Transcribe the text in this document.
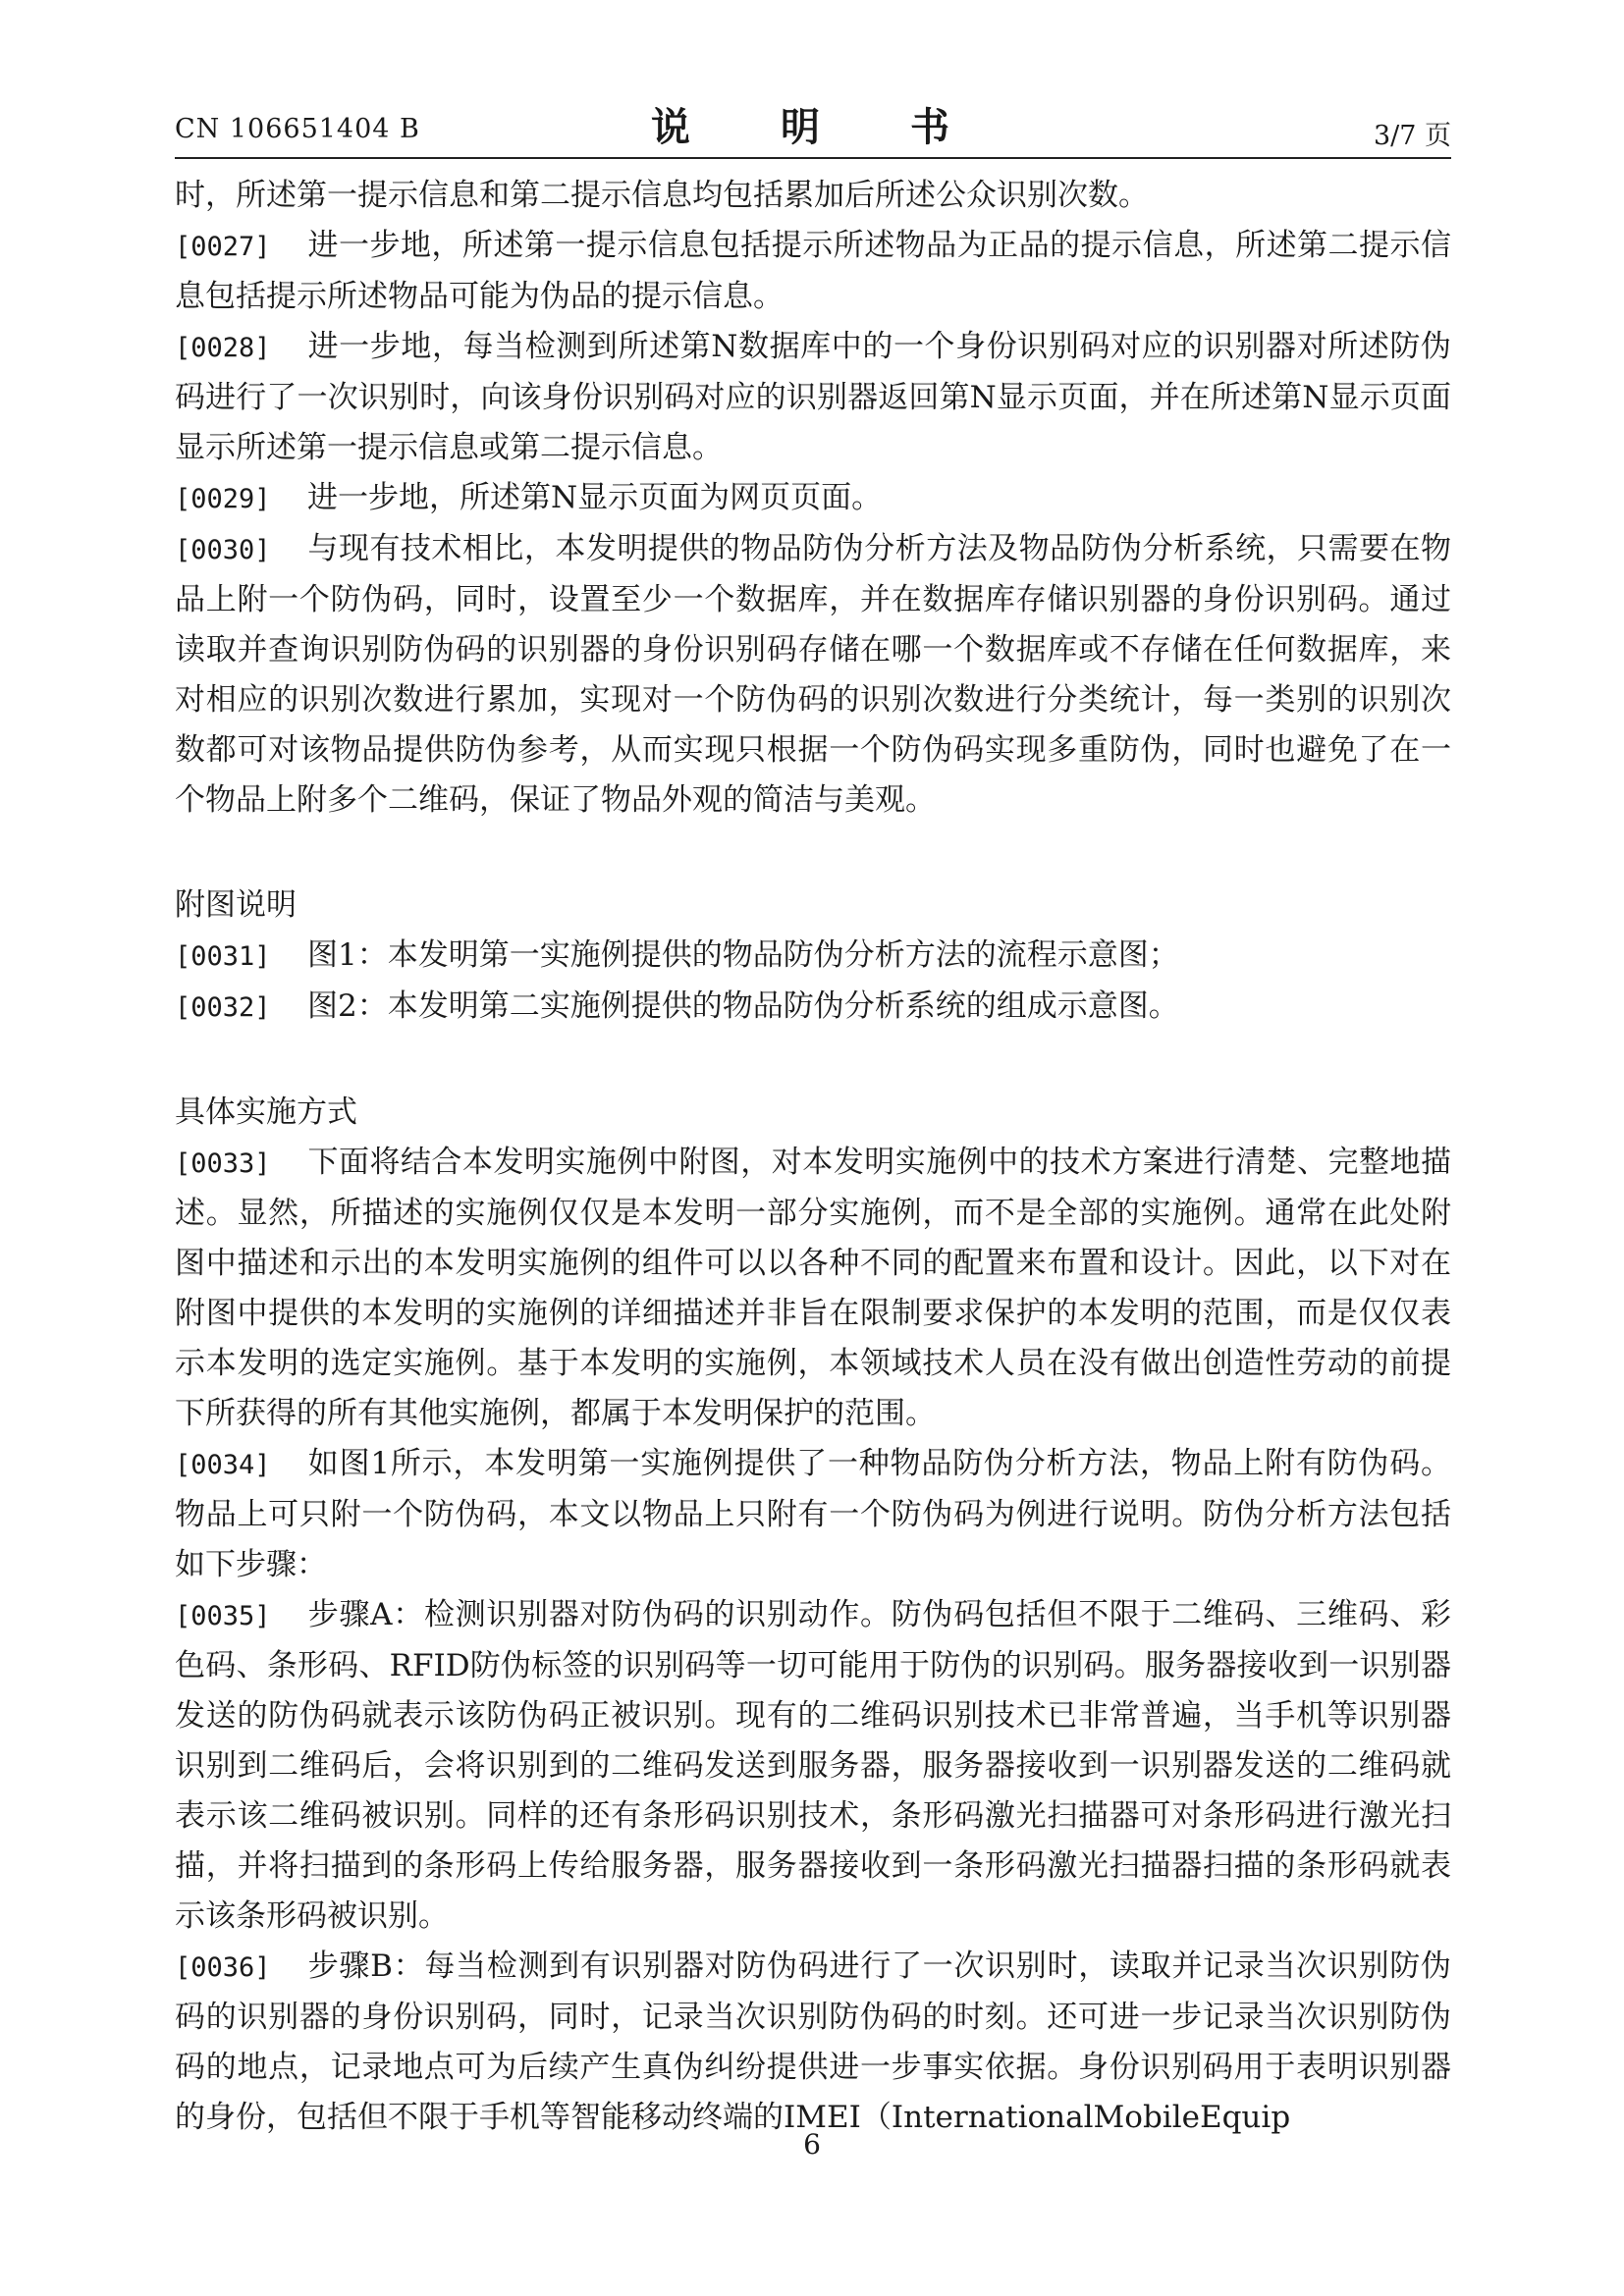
CN 106651404 B	说　明　书	3/7 页

时，所述第一提示信息和第二提示信息均包括累加后所述公众识别次数。

[0027] 进一步地，所述第一提示信息包括提示所述物品为正品的提示信息，所述第二提示信息包括提示所述物品可能为伪品的提示信息。

[0028] 进一步地，每当检测到所述第N数据库中的一个身份识别码对应的识别器对所述防伪码进行了一次识别时，向该身份识别码对应的识别器返回第N显示页面，并在所述第N显示页面显示所述第一提示信息或第二提示信息。

[0029] 进一步地，所述第N显示页面为网页页面。

[0030] 与现有技术相比，本发明提供的物品防伪分析方法及物品防伪分析系统，只需要在物品上附一个防伪码，同时，设置至少一个数据库，并在数据库存储识别器的身份识别码。通过读取并查询识别防伪码的识别器的身份识别码存储在哪一个数据库或不存储在任何数据库，来对相应的识别次数进行累加，实现对一个防伪码的识别次数进行分类统计，每一类别的识别次数都可对该物品提供防伪参考，从而实现只根据一个防伪码实现多重防伪，同时也避免了在一个物品上附多个二维码，保证了物品外观的简洁与美观。

附图说明

[0031] 图1：本发明第一实施例提供的物品防伪分析方法的流程示意图；

[0032] 图2：本发明第二实施例提供的物品防伪分析系统的组成示意图。

具体实施方式

[0033] 下面将结合本发明实施例中附图，对本发明实施例中的技术方案进行清楚、完整地描述。显然，所描述的实施例仅仅是本发明一部分实施例，而不是全部的实施例。通常在此处附图中描述和示出的本发明实施例的组件可以以各种不同的配置来布置和设计。因此，以下对在附图中提供的本发明的实施例的详细描述并非旨在限制要求保护的本发明的范围，而是仅仅表示本发明的选定实施例。基于本发明的实施例，本领域技术人员在没有做出创造性劳动的前提下所获得的所有其他实施例，都属于本发明保护的范围。

[0034] 如图1所示，本发明第一实施例提供了一种物品防伪分析方法，物品上附有防伪码。物品上可只附一个防伪码，本文以物品上只附有一个防伪码为例进行说明。防伪分析方法包括如下步骤：

[0035] 步骤A：检测识别器对防伪码的识别动作。防伪码包括但不限于二维码、三维码、彩色码、条形码、RFID防伪标签的识别码等一切可能用于防伪的识别码。服务器接收到一识别器发送的防伪码就表示该防伪码正被识别。现有的二维码识别技术已非常普遍，当手机等识别器识别到二维码后，会将识别到的二维码发送到服务器，服务器接收到一识别器发送的二维码就表示该二维码被识别。同样的还有条形码识别技术，条形码激光扫描器可对条形码进行激光扫描，并将扫描到的条形码上传给服务器，服务器接收到一条形码激光扫描器扫描的条形码就表示该条形码被识别。

[0036] 步骤B：每当检测到有识别器对防伪码进行了一次识别时，读取并记录当次识别防伪码的识别器的身份识别码，同时，记录当次识别防伪码的时刻。还可进一步记录当次识别防伪码的地点，记录地点可为后续产生真伪纠纷提供进一步事实依据。身份识别码用于表明识别器的身份，包括但不限于手机等智能移动终端的IMEI（InternationalMobileEquip

6
